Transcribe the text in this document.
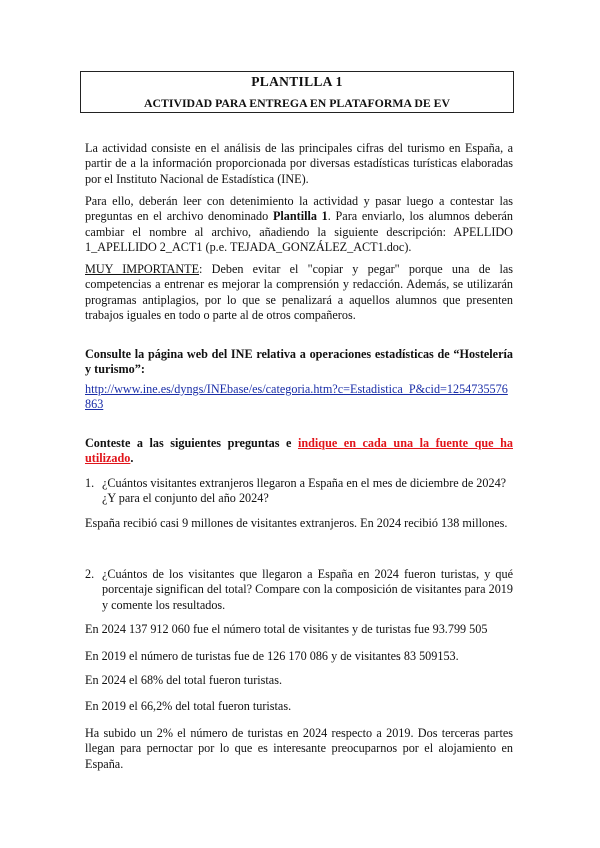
PLANTILLA 1
ACTIVIDAD PARA ENTREGA EN PLATAFORMA DE EV
La actividad consiste en el análisis de las principales cifras del turismo en España, a partir de a la información proporcionada por diversas estadísticas turísticas elaboradas por el Instituto Nacional de Estadística (INE).
Para ello, deberán leer con detenimiento la actividad y pasar luego a contestar las preguntas en el archivo denominado Plantilla 1. Para enviarlo, los alumnos deberán cambiar el nombre al archivo, añadiendo la siguiente descripción: APELLIDO 1_APELLIDO 2_ACT1 (p.e. TEJADA_GONZÁLEZ_ACT1.doc).
MUY IMPORTANTE: Deben evitar el "copiar y pegar" porque una de las competencias a entrenar es mejorar la comprensión y redacción. Además, se utilizarán programas antiplagios, por lo que se penalizará a aquellos alumnos que presenten trabajos iguales en todo o parte al de otros compañeros.
Consulte la página web del INE relativa a operaciones estadísticas de “Hostelería y turismo”:
http://www.ine.es/dyngs/INEbase/es/categoria.htm?c=Estadistica_P&cid=1254735576863
Conteste a las siguientes preguntas e indique en cada una la fuente que ha utilizado.
1. ¿Cuántos visitantes extranjeros llegaron a España en el mes de diciembre de 2024? ¿Y para el conjunto del año 2024?
España recibió casi 9 millones de visitantes extranjeros. En 2024 recibió 138 millones.
2. ¿Cuántos de los visitantes que llegaron a España en 2024 fueron turistas, y qué porcentaje significan del total? Compare con la composición de visitantes para 2019 y comente los resultados.
En 2024 137 912 060 fue el número total de visitantes y de turistas fue 93.799 505
En 2019 el número de turistas fue de 126 170 086 y de visitantes 83 509153.
En 2024 el 68% del total fueron turistas.
En 2019 el 66,2% del total fueron turistas.
Ha subido un 2% el número de turistas en 2024 respecto a 2019. Dos terceras partes llegan para pernoctar por lo que es interesante preocuparnos por el alojamiento en España.
